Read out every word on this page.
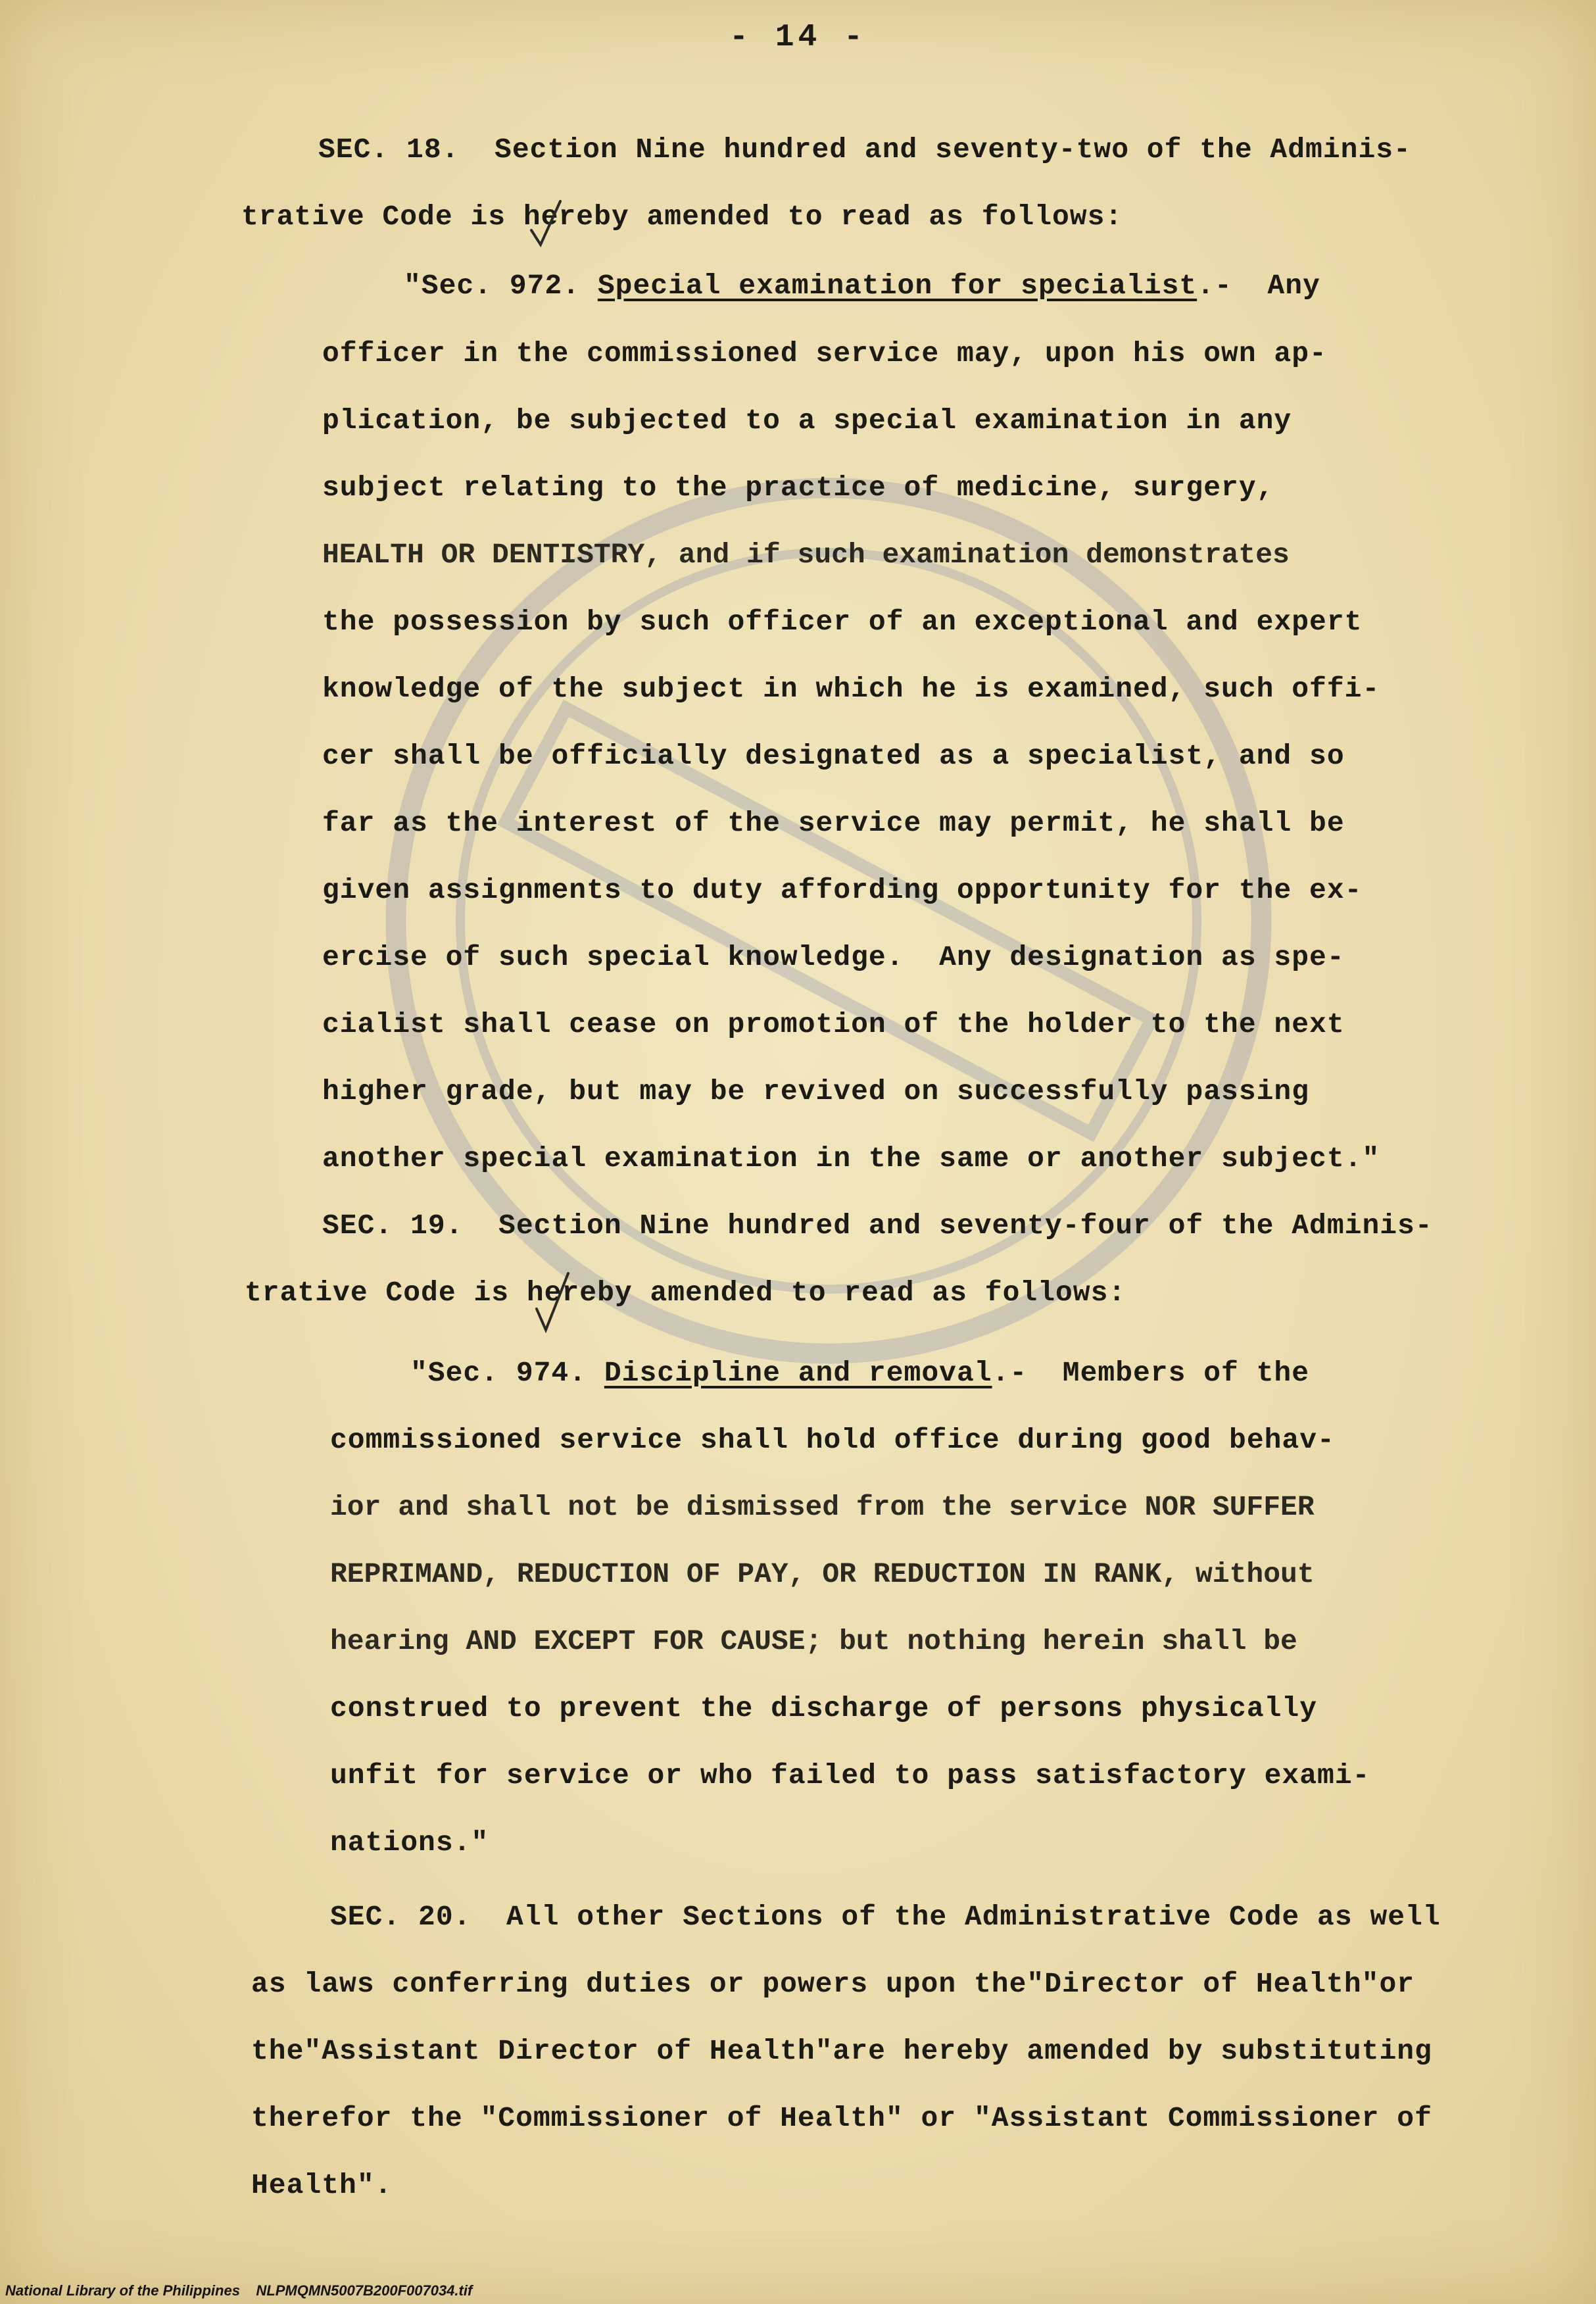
- 14 -
SEC. 18.  Section Nine hundred and seventy-two of the Adminis-
trative Code is hereby amended to read as follows:
"Sec. 972. Special examination for specialist.-  Any
officer in the commissioned service may, upon his own ap-
plication, be subjected to a special examination in any
subject relating to the practice of medicine, surgery,
HEALTH OR DENTISTRY, and if such examination demonstrates
the possession by such officer of an exceptional and expert
knowledge of the subject in which he is examined, such offi-
cer shall be officially designated as a specialist, and so
far as the interest of the service may permit, he shall be
given assignments to duty affording opportunity for the ex-
ercise of such special knowledge.  Any designation as spe-
cialist shall cease on promotion of the holder to the next
higher grade, but may be revived on successfully passing
another special examination in the same or another subject."
SEC. 19.  Section Nine hundred and seventy-four of the Adminis-
trative Code is hereby amended to read as follows:
"Sec. 974. Discipline and removal.-  Members of the
commissioned service shall hold office during good behav-
ior and shall not be dismissed from the service NOR SUFFER
REPRIMAND, REDUCTION OF PAY, OR REDUCTION IN RANK, without
hearing AND EXCEPT FOR CAUSE; but nothing herein shall be
construed to prevent the discharge of persons physically
unfit for service or who failed to pass satisfactory exami-
nations."
SEC. 20.  All other Sections of the Administrative Code as well
as laws conferring duties or powers upon the"Director of Health"or
the"Assistant Director of Health"are hereby amended by substituting
therefor the "Commissioner of Health" or "Assistant Commissioner of
Health".
National Library of the Philippines    NLPMQMN5007B200F007034.tif
